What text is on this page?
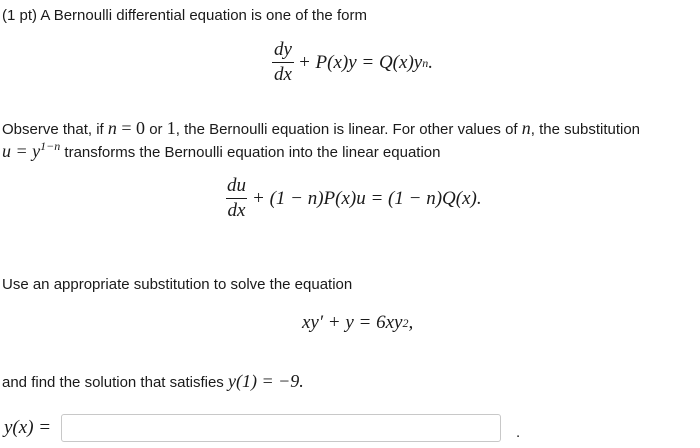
(1 pt) A Bernoulli differential equation is one of the form
$\frac{dy}{dx} + P(x)y = Q(x)y$ n .
Observe that, if n = 0 or 1, the Bernoulli equation is linear. For other values of n, the substitution
$u = y^{1-n}$ transforms the Bernoulli equation into the linear equation
$\frac{du}{dx} + (1 - n)P(x)u = (1 - n)Q(x)$.
Use an appropriate substitution to solve the equation
xy′ + y = 6xy 2 ,
and find the solution that satisfies y(1) = −9.
y(x) =	.
